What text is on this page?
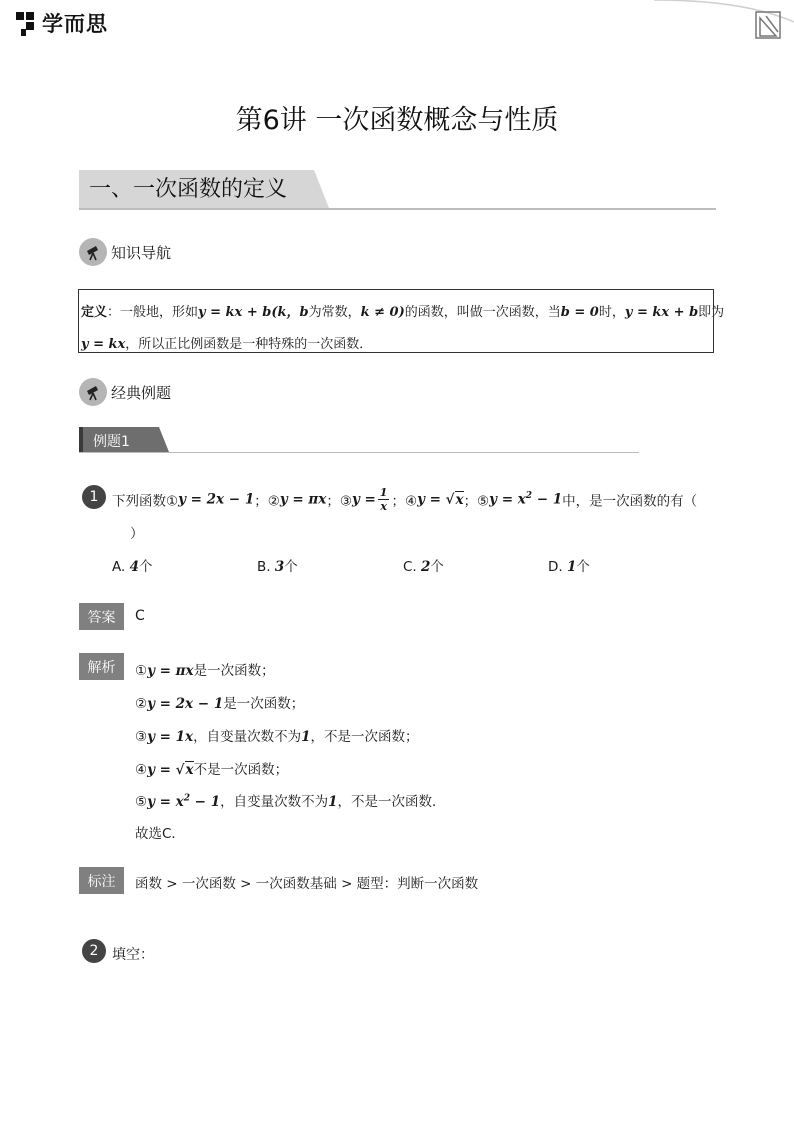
学而思
第6讲 一次函数概念与性质
一、一次函数的定义
知识导航
定义：一般地，形如y = kx + b(k，b为常数，k ≠ 0)的函数，叫做一次函数，当b = 0时，y = kx + b即为
y = kx，所以正比例函数是一种特殊的一次函数．
经典例题
例题1
1	下列函数①y = 2x − 1；②y = πx；③y = $\frac{1}{x}$ ；④y = √x；⑤y = $x^2 - 1$中，是一次函数的有（
）
A. 4个	B. 3个	C. 2个	D. 1个
答案	C
解析	①y = πx是一次函数；
②y = 2x − 1是一次函数；
③y = 1x，自变量次数不为1，不是一次函数；
④y = √x不是一次函数；
⑤y = $x^2 - 1$，自变量次数不为1，不是一次函数．
故选C．
标注	函数 > 一次函数 > 一次函数基础 > 题型：判断一次函数
2 填空：
